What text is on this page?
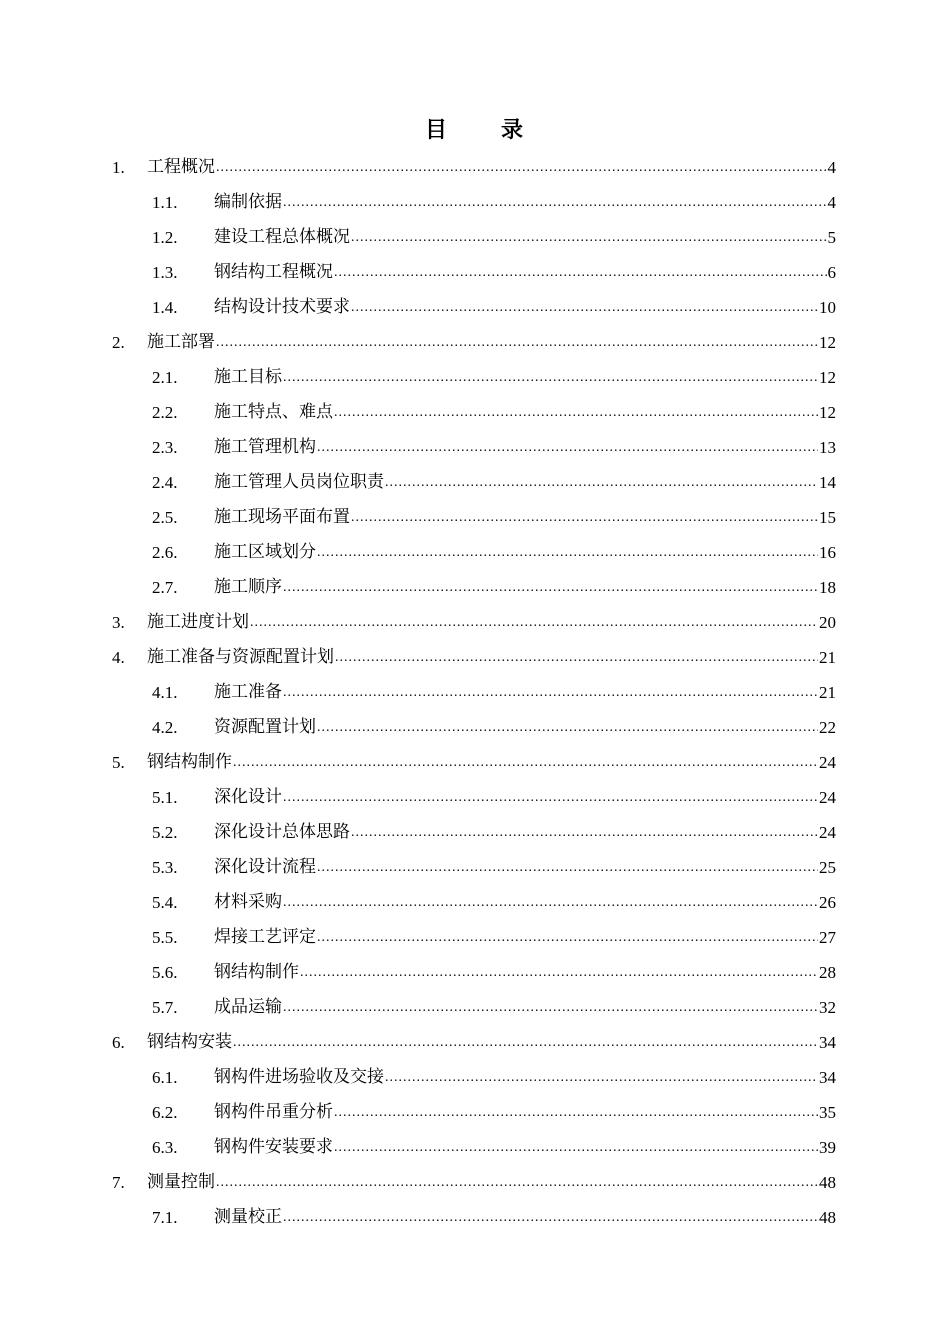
目 录
1.	工程概况 .....	4
1.1.	编制依据 .....	4
1.2.	建设工程总体概况 .....	5
1.3.	钢结构工程概况 .....	6
1.4.	结构设计技术要求 .....	10
2.	施工部署 .....	12
2.1.	施工目标 .....	12
2.2.	施工特点、难点 .....	12
2.3.	施工管理机构 .....	13
2.4.	施工管理人员岗位职责 .....	14
2.5.	施工现场平面布置 .....	15
2.6.	施工区域划分 .....	16
2.7.	施工顺序 .....	18
3.	施工进度计划 .....	20
4.	施工准备与资源配置计划 .....	21
4.1.	施工准备 .....	21
4.2.	资源配置计划 .....	22
5.	钢结构制作 .....	24
5.1.	深化设计 .....	24
5.2.	深化设计总体思路 .....	24
5.3.	深化设计流程 .....	25
5.4.	材料采购 .....	26
5.5.	焊接工艺评定 .....	27
5.6.	钢结构制作 .....	28
5.7.	成品运输 .....	32
6.	钢结构安装 .....	34
6.1.	钢构件进场验收及交接 .....	34
6.2.	钢构件吊重分析 .....	35
6.3.	钢构件安装要求 .....	39
7.	测量控制 .....	48
7.1.	测量校正 .....	48
